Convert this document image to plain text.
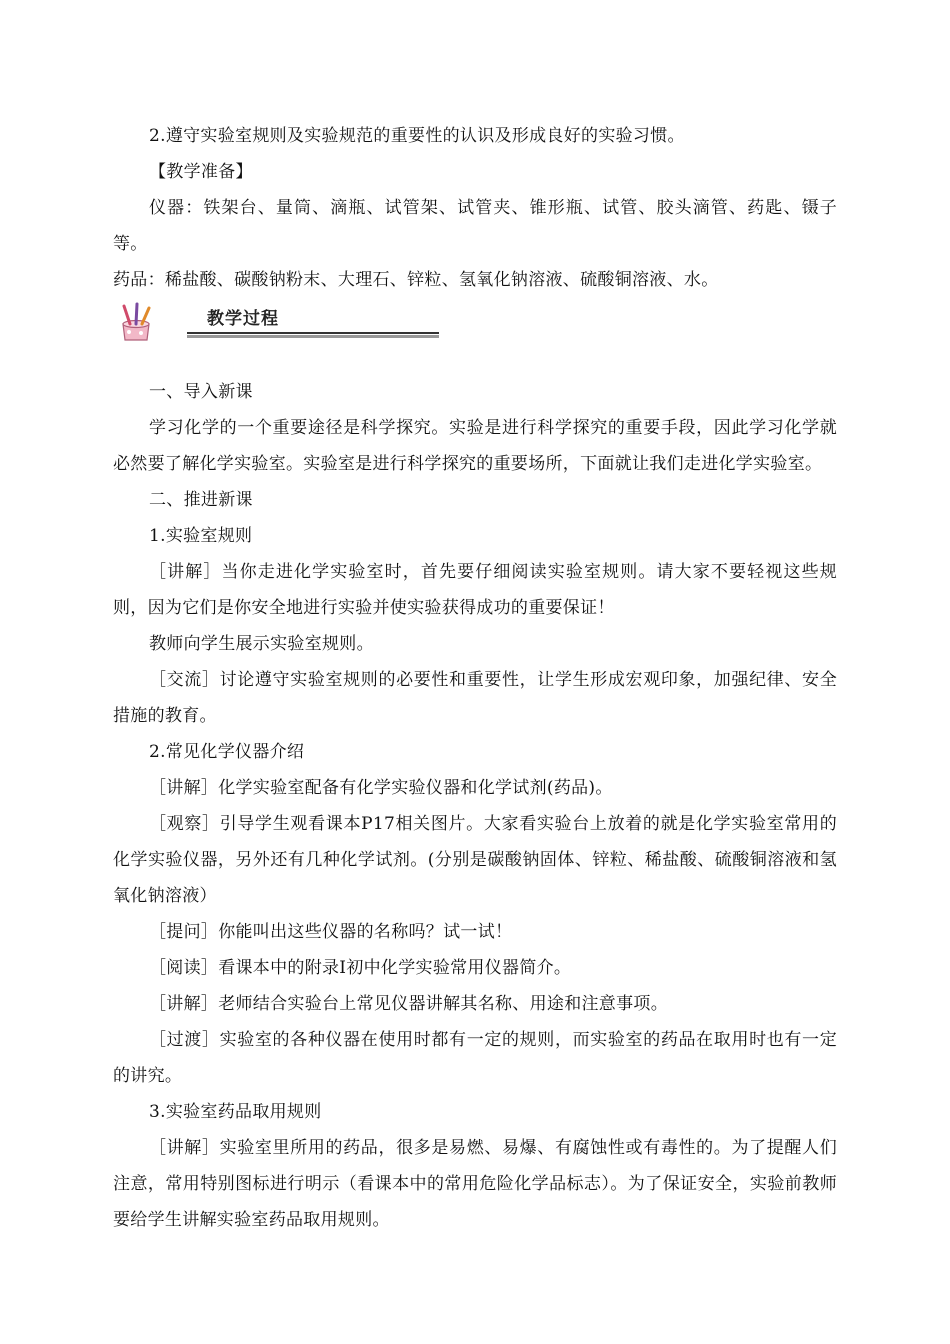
2.遵守实验室规则及实验规范的重要性的认识及形成良好的实验习惯。

【教学准备】

仪器：铁架台、量筒、滴瓶、试管架、试管夹、锥形瓶、试管、胶头滴管、药匙、镊子等。

药品：稀盐酸、碳酸钠粉末、大理石、锌粒、氢氧化钠溶液、硫酸铜溶液、水。

教学过程

一、导入新课

学习化学的一个重要途径是科学探究。实验是进行科学探究的重要手段，因此学习化学就必然要了解化学实验室。实验室是进行科学探究的重要场所，下面就让我们走进化学实验室。

二、推进新课

1.实验室规则

［讲解］当你走进化学实验室时，首先要仔细阅读实验室规则。请大家不要轻视这些规则，因为它们是你安全地进行实验并使实验获得成功的重要保证！

教师向学生展示实验室规则。

［交流］讨论遵守实验室规则的必要性和重要性，让学生形成宏观印象，加强纪律、安全措施的教育。

2.常见化学仪器介绍

［讲解］化学实验室配备有化学实验仪器和化学试剂(药品)。

［观察］引导学生观看课本P17相关图片。大家看实验台上放着的就是化学实验室常用的化学实验仪器，另外还有几种化学试剂。(分别是碳酸钠固体、锌粒、稀盐酸、硫酸铜溶液和氢氧化钠溶液）

［提问］你能叫出这些仪器的名称吗？试一试！

［阅读］看课本中的附录I初中化学实验常用仪器简介。

［讲解］老师结合实验台上常见仪器讲解其名称、用途和注意事项。

［过渡］实验室的各种仪器在使用时都有一定的规则，而实验室的药品在取用时也有一定的讲究。

3.实验室药品取用规则

［讲解］实验室里所用的药品，很多是易燃、易爆、有腐蚀性或有毒性的。为了提醒人们注意，常用特别图标进行明示（看课本中的常用危险化学品标志）。为了保证安全，实验前教师要给学生讲解实验室药品取用规则。
